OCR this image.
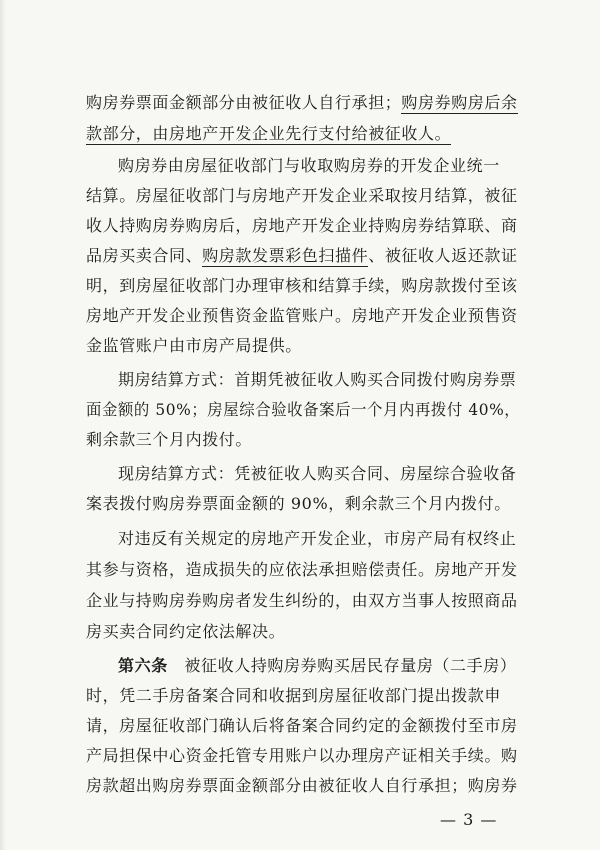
购房券票面金额部分由被征收人自行承担；购房券购房后余
款部分，由房地产开发企业先行支付给被征收人。
购房券由房屋征收部门与收取购房券的开发企业统一
结算。房屋征收部门与房地产开发企业采取按月结算，被征
收人持购房券购房后，房地产开发企业持购房券结算联、商
品房买卖合同、购房款发票彩色扫描件、被征收人返还款证
明，到房屋征收部门办理审核和结算手续，购房款拨付至该
房地产开发企业预售资金监管账户。房地产开发企业预售资
金监管账户由市房产局提供。
期房结算方式：首期凭被征收人购买合同拨付购房券票
面金额的 50%；房屋综合验收备案后一个月内再拨付 40%，
剩余款三个月内拨付。
现房结算方式：凭被征收人购买合同、房屋综合验收备
案表拨付购房券票面金额的 90%，剩余款三个月内拨付。
对违反有关规定的房地产开发企业，市房产局有权终止
其参与资格，造成损失的应依法承担赔偿责任。房地产开发
企业与持购房券购房者发生纠纷的，由双方当事人按照商品
房买卖合同约定依法解决。
第六条　被征收人持购房券购买居民存量房（二手房）
时，凭二手房备案合同和收据到房屋征收部门提出拨款申
请，房屋征收部门确认后将备案合同约定的金额拨付至市房
产局担保中心资金托管专用账户以办理房产证相关手续。购
房款超出购房券票面金额部分由被征收人自行承担；购房券
— 3 —
